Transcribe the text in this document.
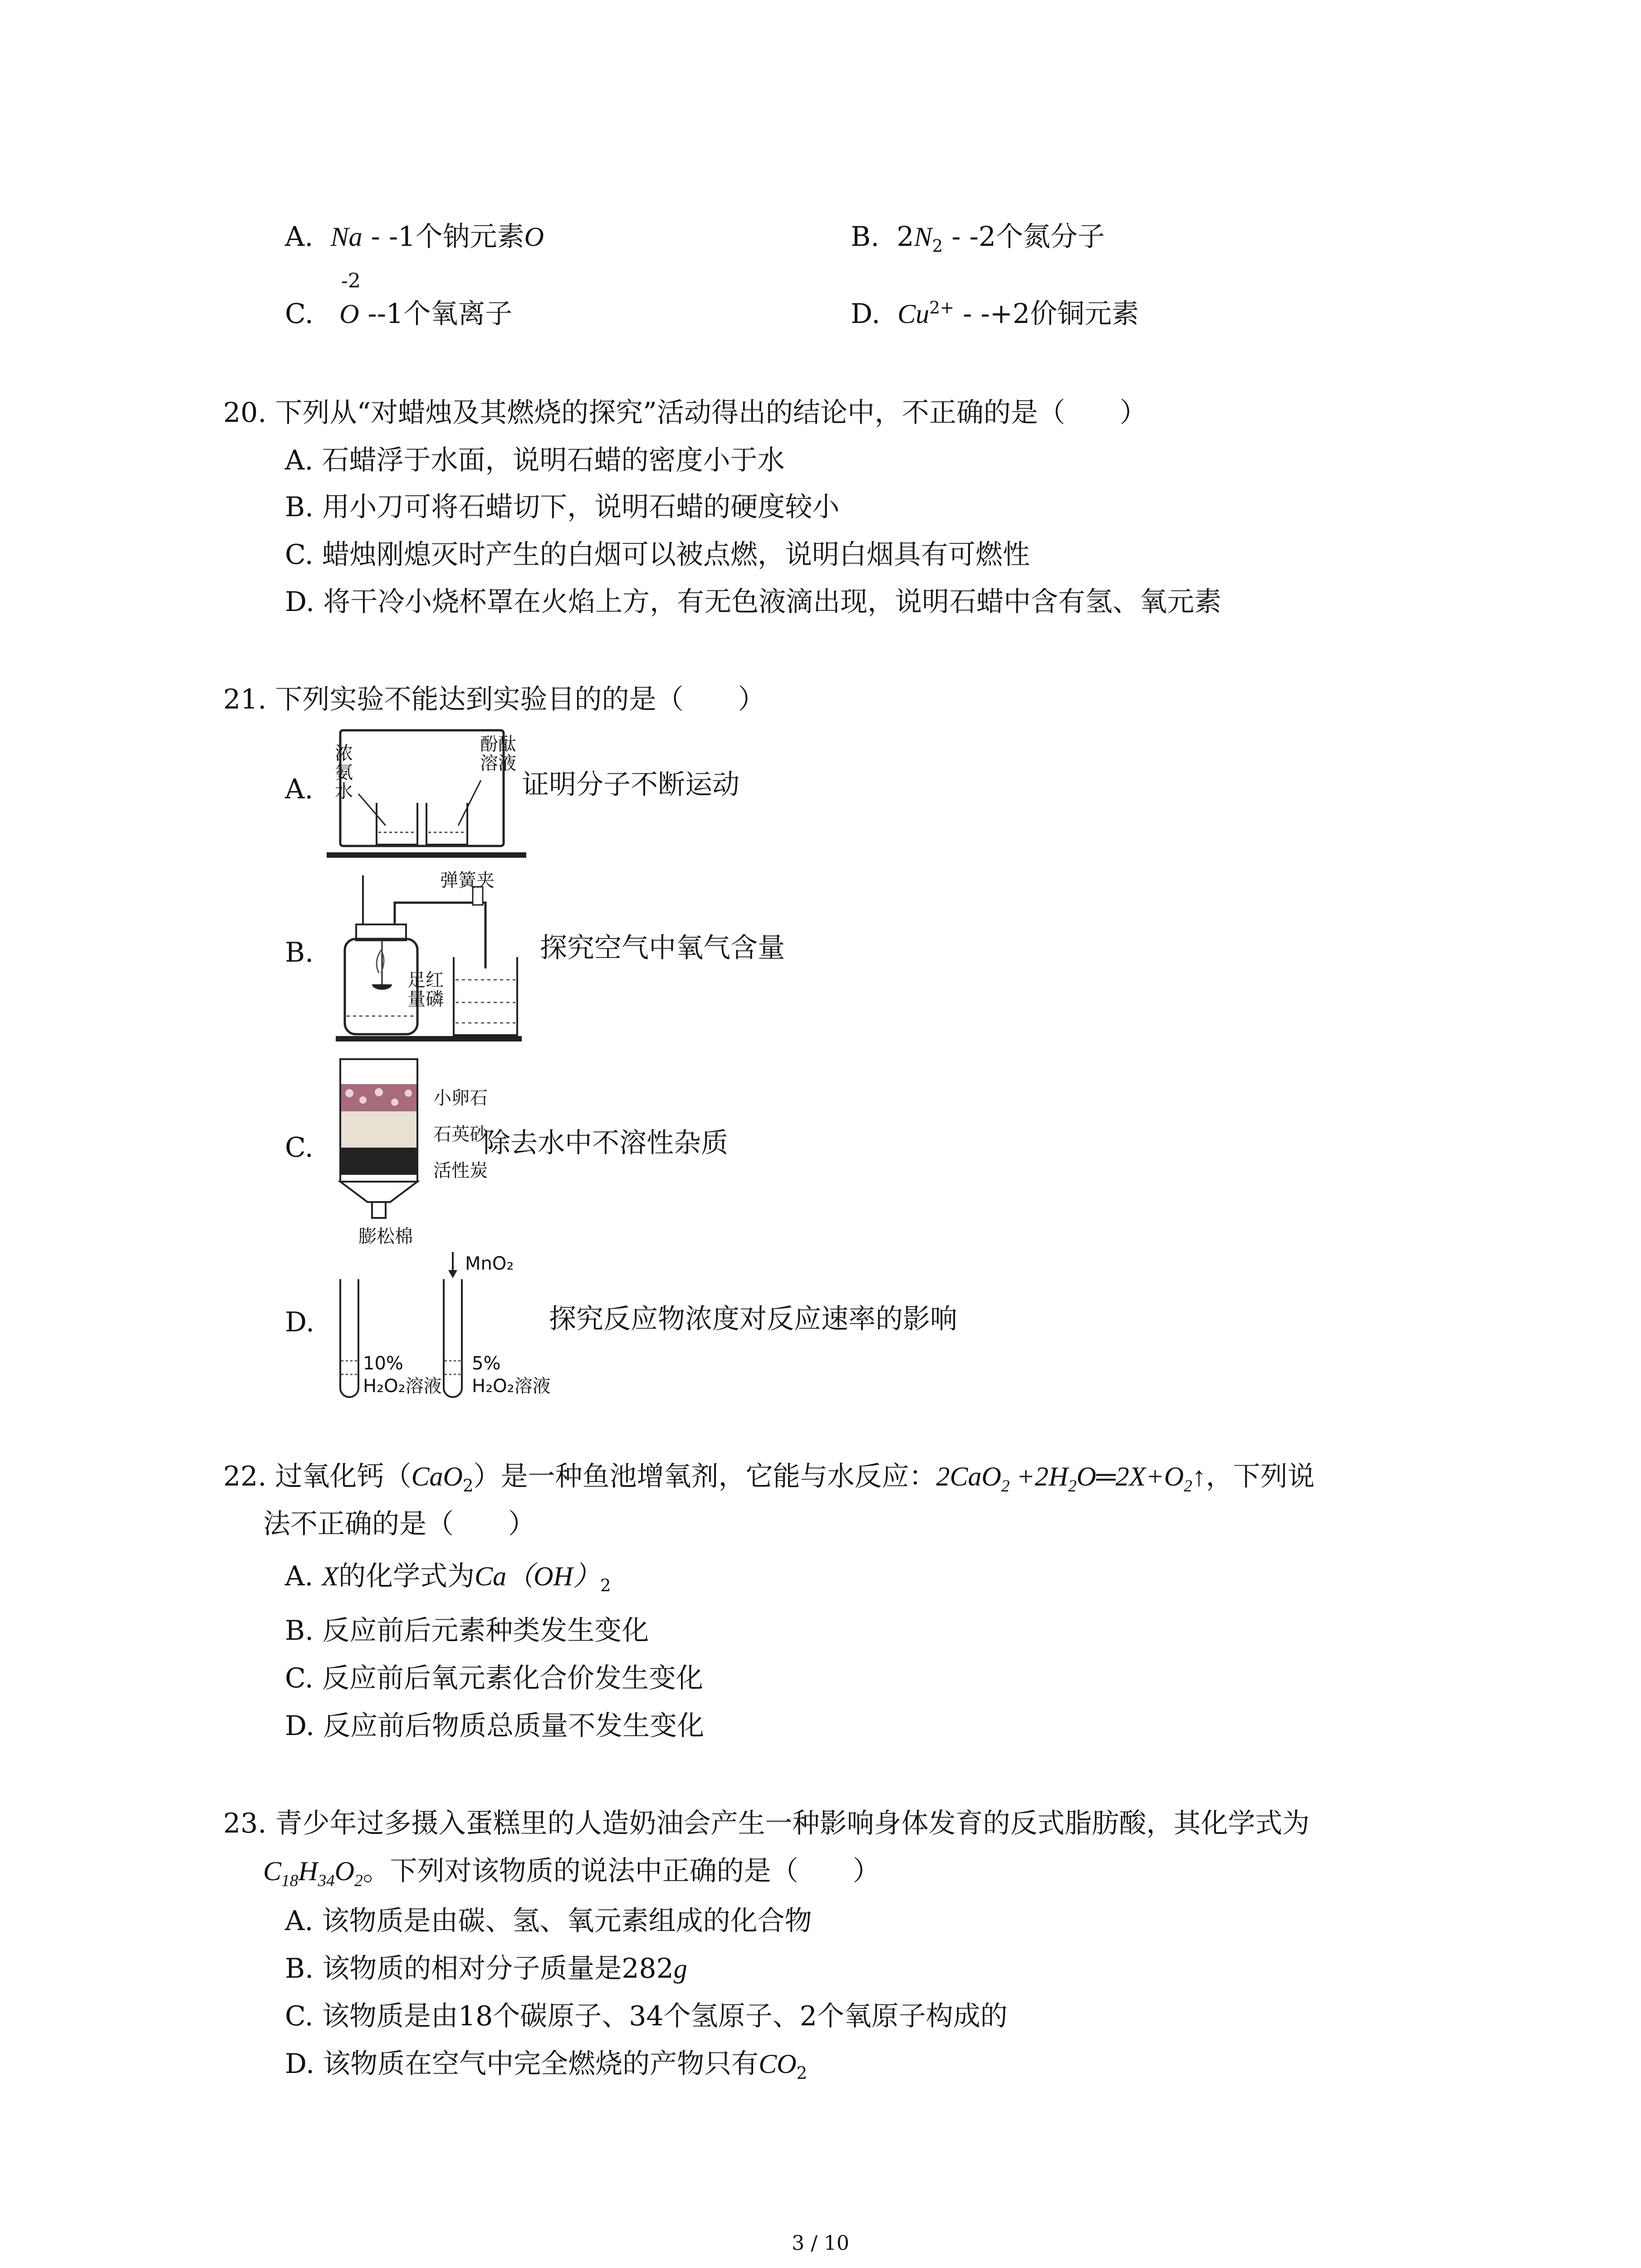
A. Na - -1个钠元素O	B. $2N_2 - -2$个氮分子
-2
C. O --1个氧离子	D. $Cu^{2+} - -+2$价铜元素
20. 下列从“对蜡烛及其燃烧的探究”活动得出的结论中，不正确的是（　　）
A. 石蜡浮于水面，说明石蜡的密度小于水
B. 用小刀可将石蜡切下，说明石蜡的硬度较小
C. 蜡烛刚熄灭时产生的白烟可以被点燃，说明白烟具有可燃性
D. 将干冷小烧杯罩在火焰上方，有无色液滴出现，说明石蜡中含有氢、氧元素
21. 下列实验不能达到实验目的的是（　　）
A.
浓
氨
水
酚酞
溶液
证明分子不断运动
B.
弹簧夹
足红
量磷
探究空气中氧气含量
C.
小卵石
石英砂
活性炭
膨松棉
除去水中不溶性杂质
D.
MnO₂
10%
H₂O₂溶液
5%
H₂O₂溶液
探究反应物浓度对反应速率的影响
22. 过氧化钙（CaO$_2$）是一种鱼池增氧剂，它能与水反应：$2CaO_2 +2H_2O═2X+O_2↑$，下列说
法不正确的是（　　）
A. X的化学式为$Ca(OH)_2$
B. 反应前后元素种类发生变化
C. 反应前后氧元素化合价发生变化
D. 反应前后物质总质量不发生变化
23. 青少年过多摄入蛋糕里的人造奶油会产生一种影响身体发育的反式脂肪酸，其化学式为
$C_{18}H_{34}O_2$。下列对该物质的说法中正确的是（　　）
A. 该物质是由碳、氢、氧元素组成的化合物
B. 该物质的相对分子质量是282g
C. 该物质是由18个碳原子、34个氢原子、2个氧原子构成的
D. 该物质在空气中完全燃烧的产物只有$CO_2$
3 / 10
